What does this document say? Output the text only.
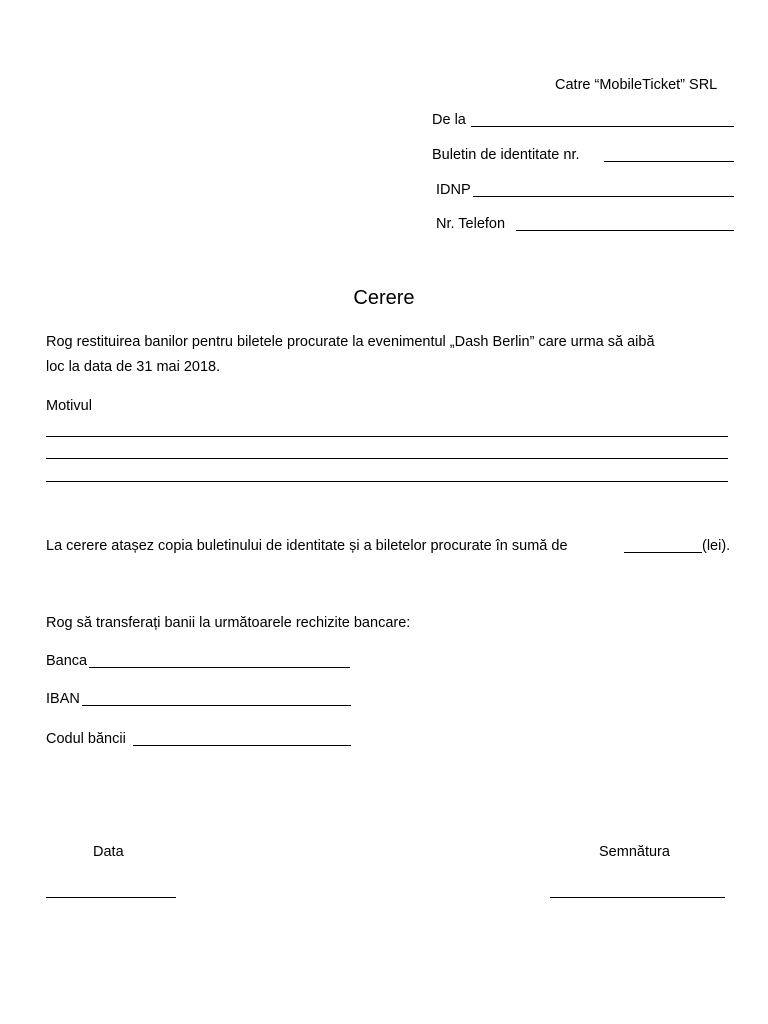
Catre “MobileTicket” SRL
De la
Buletin de identitate nr.
IDNP
Nr. Telefon
Cerere
Rog restituirea banilor pentru biletele procurate la evenimentul „Dash Berlin” care urma să aibă
loc la data de 31 mai 2018.
Motivul
La cerere atașez copia buletinului de identitate și a biletelor procurate în sumă de	(lei).
Rog să transferați banii la următoarele rechizite bancare:
Banca
IBAN
Codul băncii
Data	Semnătura
